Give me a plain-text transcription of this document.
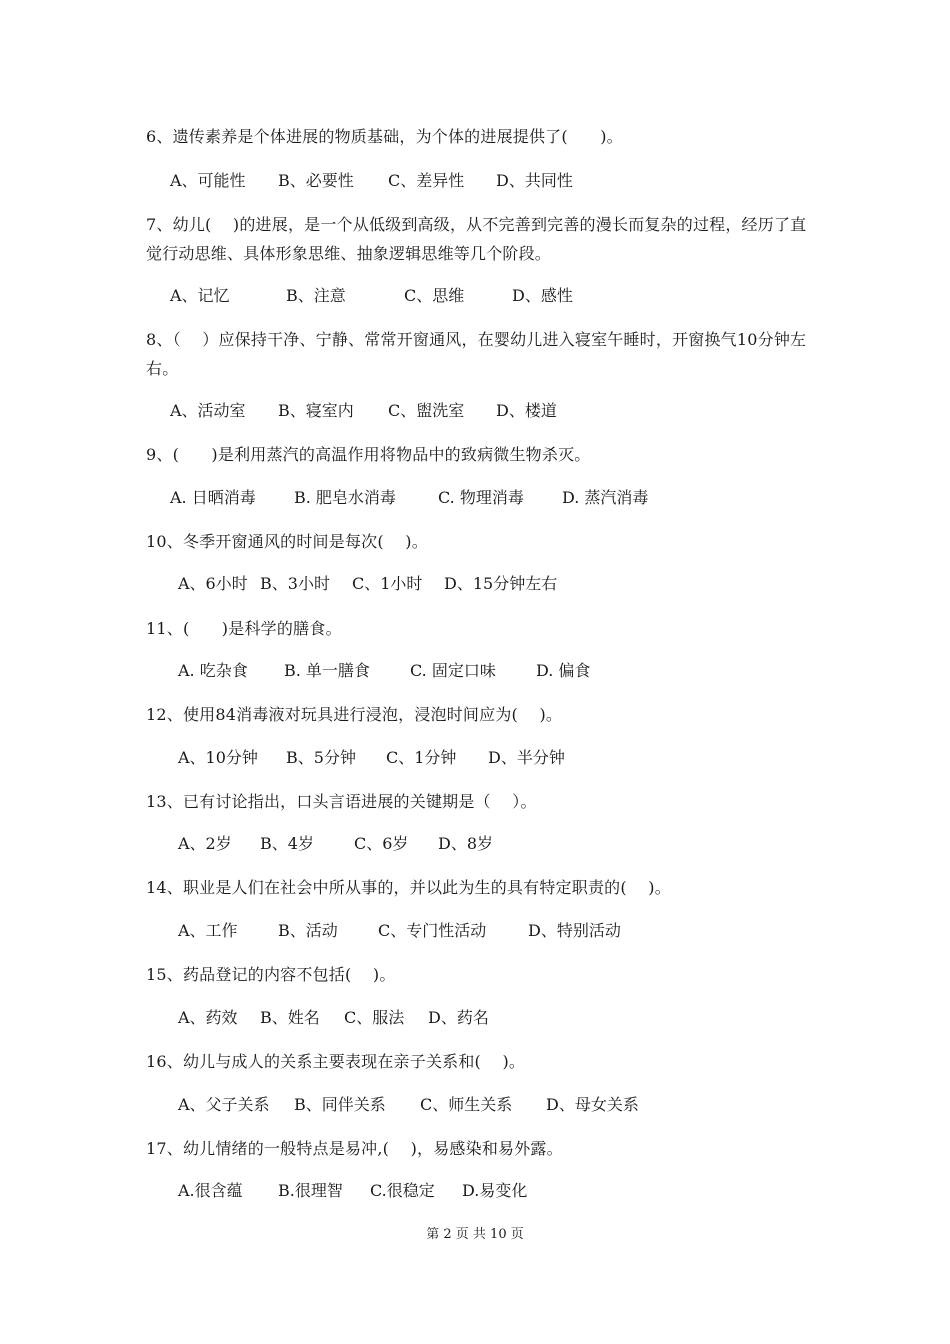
6、遗传素养是个体进展的物质基础，为个体的进展提供了(　　)。

A、可能性 B、必要性 C、差异性 D、共同性

7、幼儿(　 )的进展，是一个从低级到高级，从不完善到完善的漫长而复杂的过程，经历了直觉行动思维、具体形象思维、抽象逻辑思维等几个阶段。

A、记忆	B、注意	C、思维	D、感性

8、（　 ）应保持干净、宁静、常常开窗通风，在婴幼儿进入寝室午睡时，开窗换气10分钟左右。

A、活动室 B、寝室内 C、盥洗室 D、楼道

9、(　　)是利用蒸汽的高温作用将物品中的致病微生物杀灭。

A. 日晒消毒 B. 肥皂水消毒	C. 物理消毒 D. 蒸汽消毒

10、冬季开窗通风的时间是每次(　 )。

A、6小时 B、3小时 C、1小时 D、15分钟左右

11、(　　)是科学的膳食。

A. 吃杂食 B. 单一膳食	C. 固定口味	D. 偏食

12、使用84消毒液对玩具进行浸泡，浸泡时间应为(　 )。

A、10分钟 B、5分钟 C、1分钟 D、半分钟

13、已有讨论指出，口头言语进展的关键期是（　 ）。

A、2岁 B、4岁	C、6岁 D、8岁

14、职业是人们在社会中所从事的，并以此为生的具有特定职责的(　 )。

A、工作	B、活动	C、专门性活动	D、特别活动

15、药品登记的内容不包括(　 )。

A、药效 B、姓名 C、服法 D、药名

16、幼儿与成人的关系主要表现在亲子关系和(　 )。

A、父子关系 B、同伴关系 C、师生关系 D、母女关系

17、幼儿情绪的一般特点是易冲,(　 )，易感染和易外露。

A.很含蕴 B.很理智 C.很稳定 D.易变化

第 2 页 共 10 页
